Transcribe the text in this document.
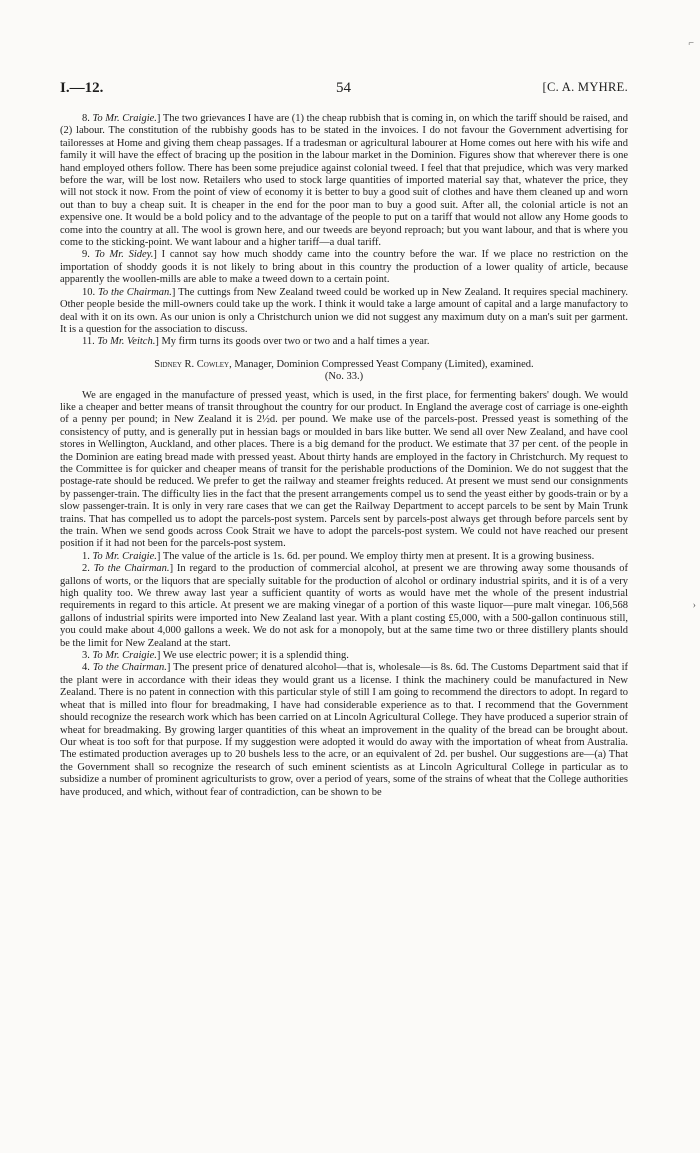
I.—12.	54	[C. A. MYHRE.
⌐
›

8. To Mr. Craigie.] The two grievances I have are (1) the cheap rubbish that is coming in, on which the tariff should be raised, and (2) labour. The constitution of the rubbishy goods has to be stated in the invoices. I do not favour the Government advertising for tailoresses at Home and giving them cheap passages. If a tradesman or agricultural labourer at Home comes out here with his wife and family it will have the effect of bracing up the position in the labour market in the Dominion. Figures show that wherever there is one hand employed others follow. There has been some prejudice against colonial tweed. I feel that that prejudice, which was very marked before the war, will be lost now. Retailers who used to stock large quantities of imported material say that, whatever the price, they will not stock it now. From the point of view of economy it is better to buy a good suit of clothes and have them cleaned up and worn out than to buy a cheap suit. It is cheaper in the end for the poor man to buy a good suit. After all, the colonial article is not an expensive one. It would be a bold policy and to the advantage of the people to put on a tariff that would not allow any Home goods to come into the country at all. The wool is grown here, and our tweeds are beyond reproach; but you want labour, and that is where you come to the sticking-point. We want labour and a higher tariff—a dual tariff.

9. To Mr. Sidey.] I cannot say how much shoddy came into the country before the war. If we place no restriction on the importation of shoddy goods it is not likely to bring about in this country the production of a lower quality of article, because apparently the woollen-mills are able to make a tweed down to a certain point.

10. To the Chairman.] The cuttings from New Zealand tweed could be worked up in New Zealand. It requires special machinery. Other people beside the mill-owners could take up the work. I think it would take a large amount of capital and a large manufactory to deal with it on its own. As our union is only a Christchurch union we did not suggest any maximum duty on a man's suit per garment. It is a question for the association to discuss.

11. To Mr. Veitch.] My firm turns its goods over two or two and a half times a year.

Sidney R. Cowley, Manager, Dominion Compressed Yeast Company (Limited), examined.
(No. 33.)

We are engaged in the manufacture of pressed yeast, which is used, in the first place, for fermenting bakers' dough. We would like a cheaper and better means of transit throughout the country for our product. In England the average cost of carriage is one-eighth of a penny per pound; in New Zealand it is 2½d. per pound. We make use of the parcels-post. Pressed yeast is something of the consistency of putty, and is generally put in hessian bags or moulded in bars like butter. We send all over New Zealand, and have cool stores in Wellington, Auckland, and other places. There is a big demand for the product. We estimate that 37 per cent. of the people in the Dominion are eating bread made with pressed yeast. About thirty hands are employed in the factory in Christchurch. My request to the Committee is for quicker and cheaper means of transit for the perishable productions of the Dominion. We do not suggest that the postage-rate should be reduced. We prefer to get the railway and steamer freights reduced. At present we must send our consignments by passenger-train. The difficulty lies in the fact that the present arrangements compel us to send the yeast either by goods-train or by a slow passenger-train. It is only in very rare cases that we can get the Railway Department to accept parcels to be sent by Main Trunk trains. That has compelled us to adopt the parcels-post system. Parcels sent by parcels-post always get through before parcels sent by the train. When we send goods across Cook Strait we have to adopt the parcels-post system. We could not have reached our present position if it had not been for the parcels-post system.

1. To Mr. Craigie.] The value of the article is 1s. 6d. per pound. We employ thirty men at present. It is a growing business.

2. To the Chairman.] In regard to the production of commercial alcohol, at present we are throwing away some thousands of gallons of worts, or the liquors that are specially suitable for the production of alcohol or ordinary industrial spirits, and it is of a very high quality too. We threw away last year a sufficient quantity of worts as would have met the whole of the present industrial requirements in regard to this article. At present we are making vinegar of a portion of this waste liquor—pure malt vinegar. 106,568 gallons of industrial spirits were imported into New Zealand last year. With a plant costing £5,000, with a 500-gallon continuous still, you could make about 4,000 gallons a week. We do not ask for a monopoly, but at the same time two or three distillery plants should be the limit for New Zealand at the start.

3. To Mr. Craigie.] We use electric power; it is a splendid thing.

4. To the Chairman.] The present price of denatured alcohol—that is, wholesale—is 8s. 6d. The Customs Department said that if the plant were in accordance with their ideas they would grant us a license. I think the machinery could be manufactured in New Zealand. There is no patent in connection with this particular style of still I am going to recommend the directors to adopt. In regard to wheat that is milled into flour for breadmaking, I have had considerable experience as to that. I recommend that the Government should recognize the research work which has been carried on at Lincoln Agricultural College. They have produced a superior strain of wheat for breadmaking. By growing larger quantities of this wheat an improvement in the quality of the bread can be brought about. Our wheat is too soft for that purpose. If my suggestion were adopted it would do away with the importation of wheat from Australia. The estimated production averages up to 20 bushels less to the acre, or an equivalent of 2d. per bushel. Our suggestions are—(a) That the Government shall so recognize the research of such eminent scientists as at Lincoln Agricultural College in particular as to subsidize a number of prominent agriculturists to grow, over a period of years, some of the strains of wheat that the College authorities have produced, and which, without fear of contradiction, can be shown to be
